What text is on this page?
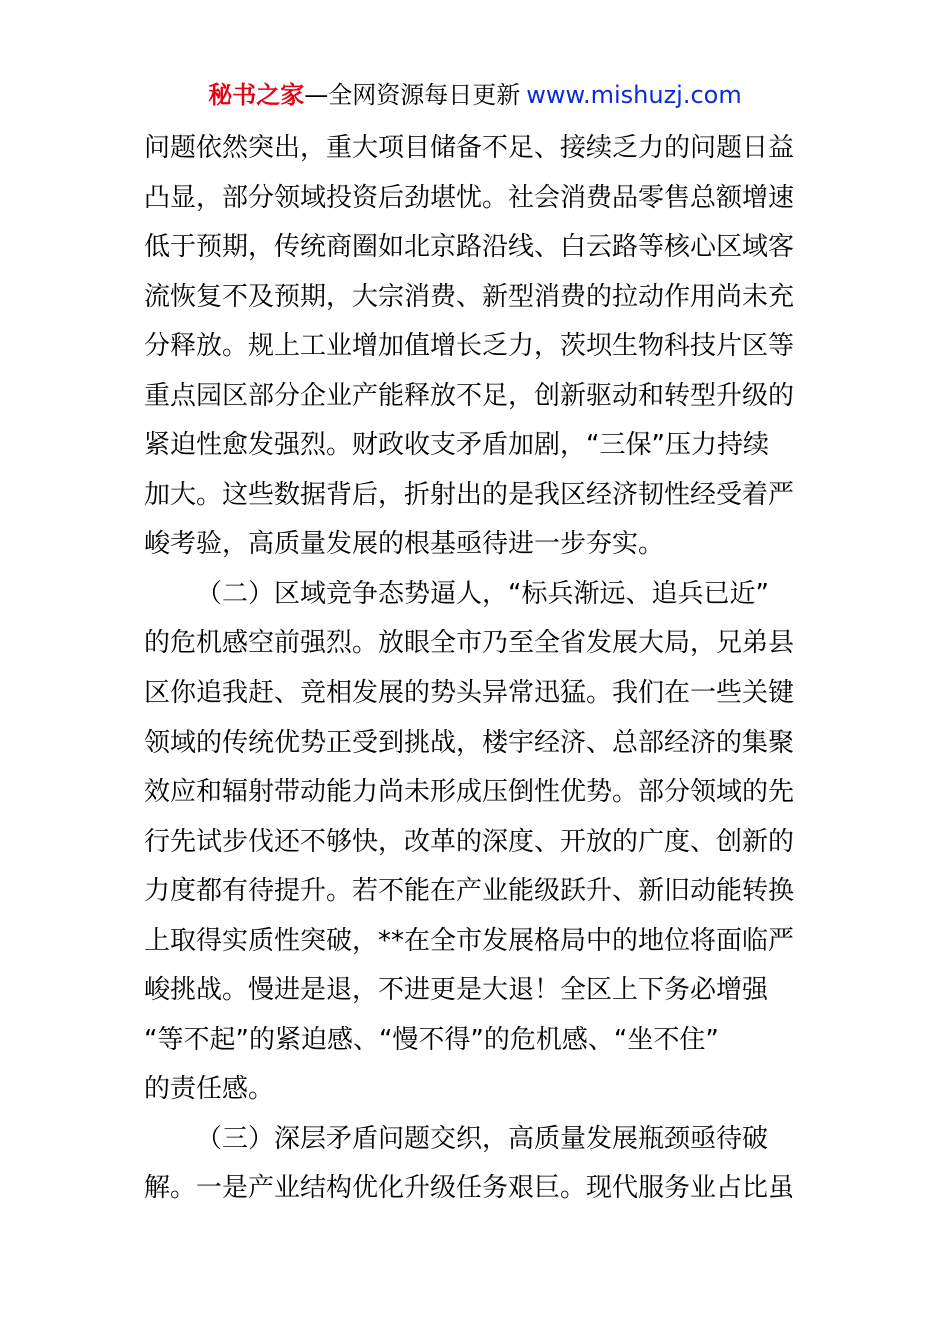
秘书之家—全网资源每日更新 www.mishuzj.com
问题依然突出，重大项目储备不足、接续乏力的问题日益
凸显，部分领域投资后劲堪忧。社会消费品零售总额增速
低于预期，传统商圈如北京路沿线、白云路等核心区域客
流恢复不及预期，大宗消费、新型消费的拉动作用尚未充
分释放。规上工业增加值增长乏力，茨坝生物科技片区等
重点园区部分企业产能释放不足，创新驱动和转型升级的
紧迫性愈发强烈。财政收支矛盾加剧，“三保”压力持续
加大。这些数据背后，折射出的是我区经济韧性经受着严
峻考验，高质量发展的根基亟待进一步夯实。
（二）区域竞争态势逼人，“标兵渐远、追兵已近”
的危机感空前强烈。放眼全市乃至全省发展大局，兄弟县
区你追我赶、竞相发展的势头异常迅猛。我们在一些关键
领域的传统优势正受到挑战，楼宇经济、总部经济的集聚
效应和辐射带动能力尚未形成压倒性优势。部分领域的先
行先试步伐还不够快，改革的深度、开放的广度、创新的
力度都有待提升。若不能在产业能级跃升、新旧动能转换
上取得实质性突破，**在全市发展格局中的地位将面临严
峻挑战。慢进是退，不进更是大退！全区上下务必增强
“等不起”的紧迫感、“慢不得”的危机感、“坐不住”
的责任感。
（三）深层矛盾问题交织，高质量发展瓶颈亟待破
解。一是产业结构优化升级任务艰巨。现代服务业占比虽
